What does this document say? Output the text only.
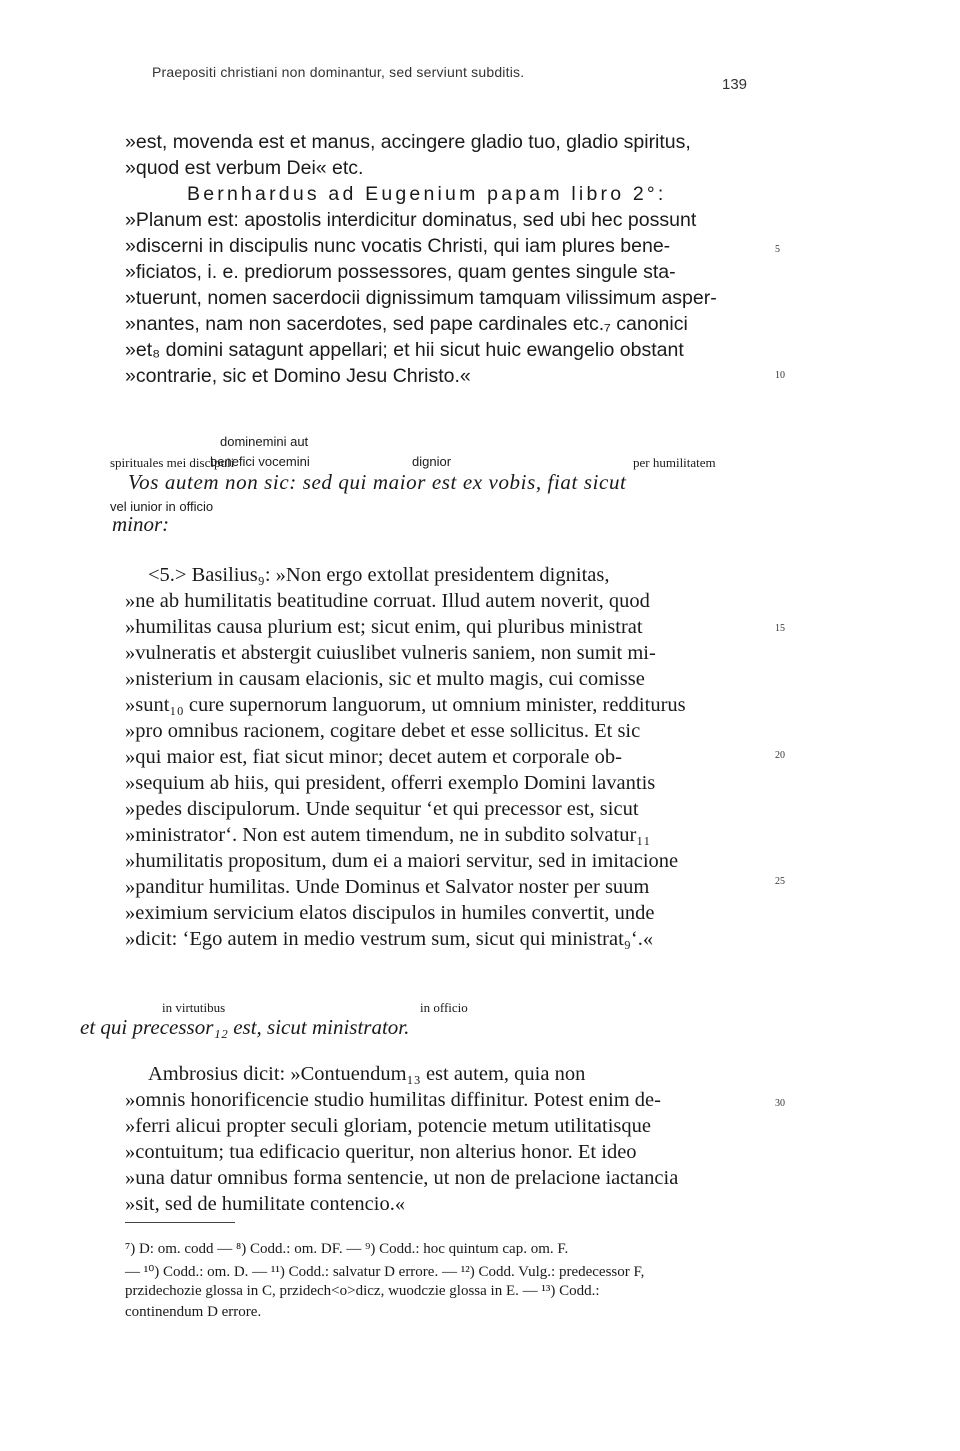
Praepositi christiani non dominantur, sed serviunt subditis.
139
»est, movenda est et manus, accingere gladio tuo, gladio spiritus,
»quod est verbum Dei« etc.
Bernhardus ad Eugenium papam libro 2°:
»Planum est: apostolis interdicitur dominatus, sed ubi hec possunt
»discerni in discipulis nunc vocatis Christi, qui iam plures bene-
»ficiatos, i. e. prediorum possessores, quam gentes singule sta-
»tuerunt, nomen sacerdocii dignissimum tamquam vilissimum asper-
»nantes, nam non sacerdotes, sed pape cardinales etc.₇ canonici
»et₈ domini satagunt appellari; et hii sicut huic ewangelio obstant
»contrarie, sic et Domino Jesu Christo.«
5
10
dominemini aut
spirituales mei discipuli
benefici vocemini	dignior	per humilitatem
Vos autem non sic: sed qui maior est ex vobis, fiat sicut
vel iunior in officio
minor:
<5.> Basilius₉: »Non ergo extollat presidentem dignitas,
»ne ab humilitatis beatitudine corruat. Illud autem noverit, quod
»humilitas causa plurium est; sicut enim, qui pluribus ministrat
»vulneratis et abstergit cuiuslibet vulneris saniem, non sumit mi-
»nisterium in causam elacionis, sic et multo magis, cui comisse
»sunt₁₀ cure supernorum languorum, ut omnium minister, redditurus
»pro omnibus racionem, cogitare debet et esse sollicitus. Et sic
»qui maior est, fiat sicut minor; decet autem et corporale ob-
»sequium ab hiis, qui president, offerri exemplo Domini lavantis
»pedes discipulorum. Unde sequitur ‘et qui precessor est, sicut
»ministrator‘. Non est autem timendum, ne in subdito solvatur₁₁
»humilitatis propositum, dum ei a maiori servitur, sed in imitacione
»panditur humilitas. Unde Dominus et Salvator noster per suum
»eximium servicium elatos discipulos in humiles convertit, unde
»dicit: ‘Ego autem in medio vestrum sum, sicut qui ministrat₉‘.«
15
20
25
in virtutibus	in officio
et qui precessor₁₂ est, sicut ministrator.
Ambrosius dicit: »Contuendum₁₃ est autem, quia non
»omnis honorificencie studio humilitas diffinitur. Potest enim de-
»ferri alicui propter seculi gloriam, potencie metum utilitatisque
»contuitum; tua edificacio queritur, non alterius honor. Et ideo
»una datur omnibus forma sentencie, ut non de prelacione iactancia
»sit, sed de humilitate contencio.«
30
⁷) D: om. codd — ⁸) Codd.: om. DF. — ⁹) Codd.: hoc quintum cap. om. F.
— ¹⁰) Codd.: om. D. — ¹¹) Codd.: salvatur D errore. — ¹²) Codd. Vulg.: predecessor F,
przidechozie glossa in C, przidech<o>dicz, wuodczie glossa in E. — ¹³) Codd.:
continendum D errore.
